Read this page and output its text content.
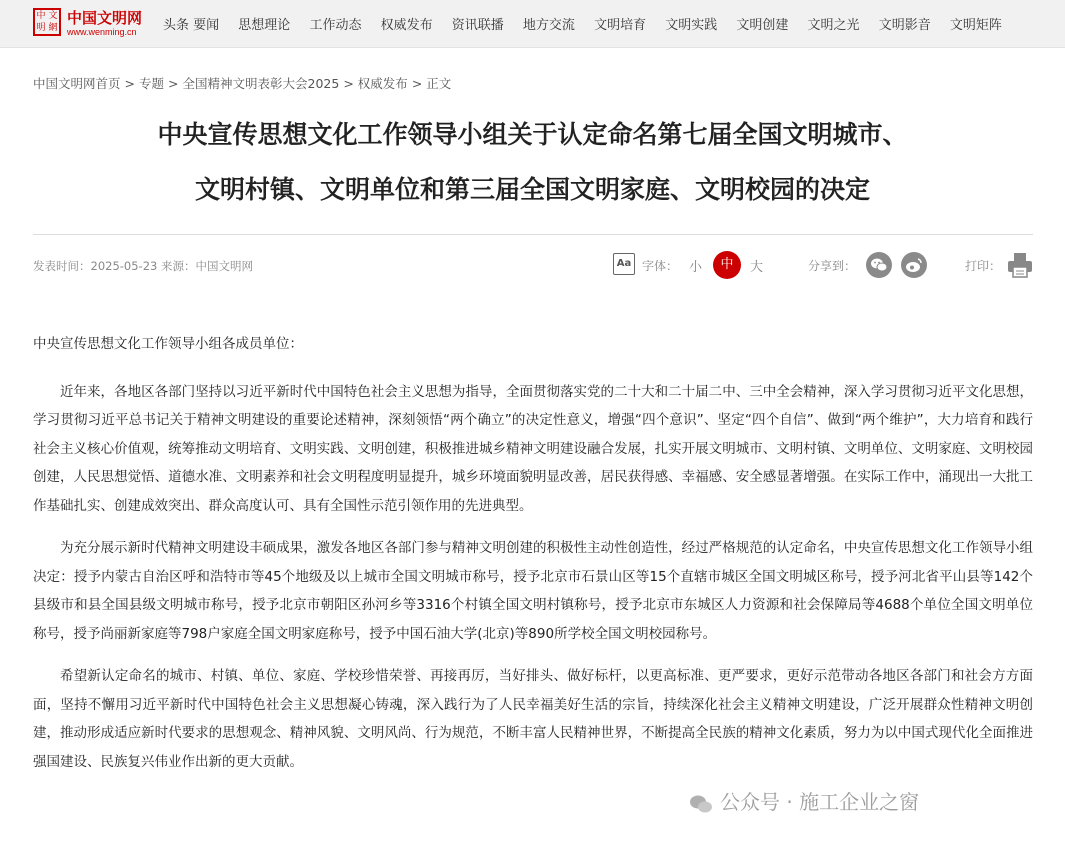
中 文
明 網
中国文明网
www.wenming.cn 头条 要闻 思想理论 工作动态 权威发布 资讯联播 地方交流 文明培育 文明实践 文明创建 文明之光 文明影音 文明矩阵
中国文明网首页 > 专题 > 全国精神文明表彰大会2025 > 权威发布 > 正文
中央宣传思想文化工作领导小组关于认定命名第七届全国文明城市、
文明村镇、文明单位和第三届全国文明家庭、文明校园的决定
发表时间：2025-05-23 来源：中国文明网	Aa 字体： 小	中	大	分享到：	打印：

中央宣传思想文化工作领导小组各成员单位：

近年来，各地区各部门坚持以习近平新时代中国特色社会主义思想为指导，全面贯彻落实党的二十大和二十届二中、三中全会精神，深入学习贯彻习近平文化思想，学习贯彻习近平总书记关于精神文明建设的重要论述精神，深刻领悟“两个确立”的决定性意义，增强“四个意识”、坚定“四个自信”、做到“两个维护”，大力培育和践行社会主义核心价值观，统筹推动文明培育、文明实践、文明创建，积极推进城乡精神文明建设融合发展，扎实开展文明城市、文明村镇、文明单位、文明家庭、文明校园创建，人民思想觉悟、道德水准、文明素养和社会文明程度明显提升，城乡环境面貌明显改善，居民获得感、幸福感、安全感显著增强。在实际工作中，涌现出一大批工作基础扎实、创建成效突出、群众高度认可、具有全国性示范引领作用的先进典型。

为充分展示新时代精神文明建设丰硕成果，激发各地区各部门参与精神文明创建的积极性主动性创造性，经过严格规范的认定命名，中央宣传思想文化工作领导小组决定：授予内蒙古自治区呼和浩特市等45个地级及以上城市全国文明城市称号，授予北京市石景山区等15个直辖市城区全国文明城区称号，授予河北省平山县等142个县级市和县全国县级文明城市称号，授予北京市朝阳区孙河乡等3316个村镇全国文明村镇称号，授予北京市东城区人力资源和社会保障局等4688个单位全国文明单位称号，授予尚丽新家庭等798户家庭全国文明家庭称号，授予中国石油大学(北京)等890所学校全国文明校园称号。

希望新认定命名的城市、村镇、单位、家庭、学校珍惜荣誉、再接再厉，当好排头、做好标杆，以更高标准、更严要求，更好示范带动各地区各部门和社会方方面面，坚持不懈用习近平新时代中国特色社会主义思想凝心铸魂，深入践行为了人民幸福美好生活的宗旨，持续深化社会主义精神文明建设，广泛开展群众性精神文明创建，推动形成适应新时代要求的思想观念、精神风貌、文明风尚、行为规范，不断丰富人民精神世界，不断提高全民族的精神文化素质，努力为以中国式现代化全面推进强国建设、民族复兴伟业作出新的更大贡献。

公众号 · 施工企业之窗
